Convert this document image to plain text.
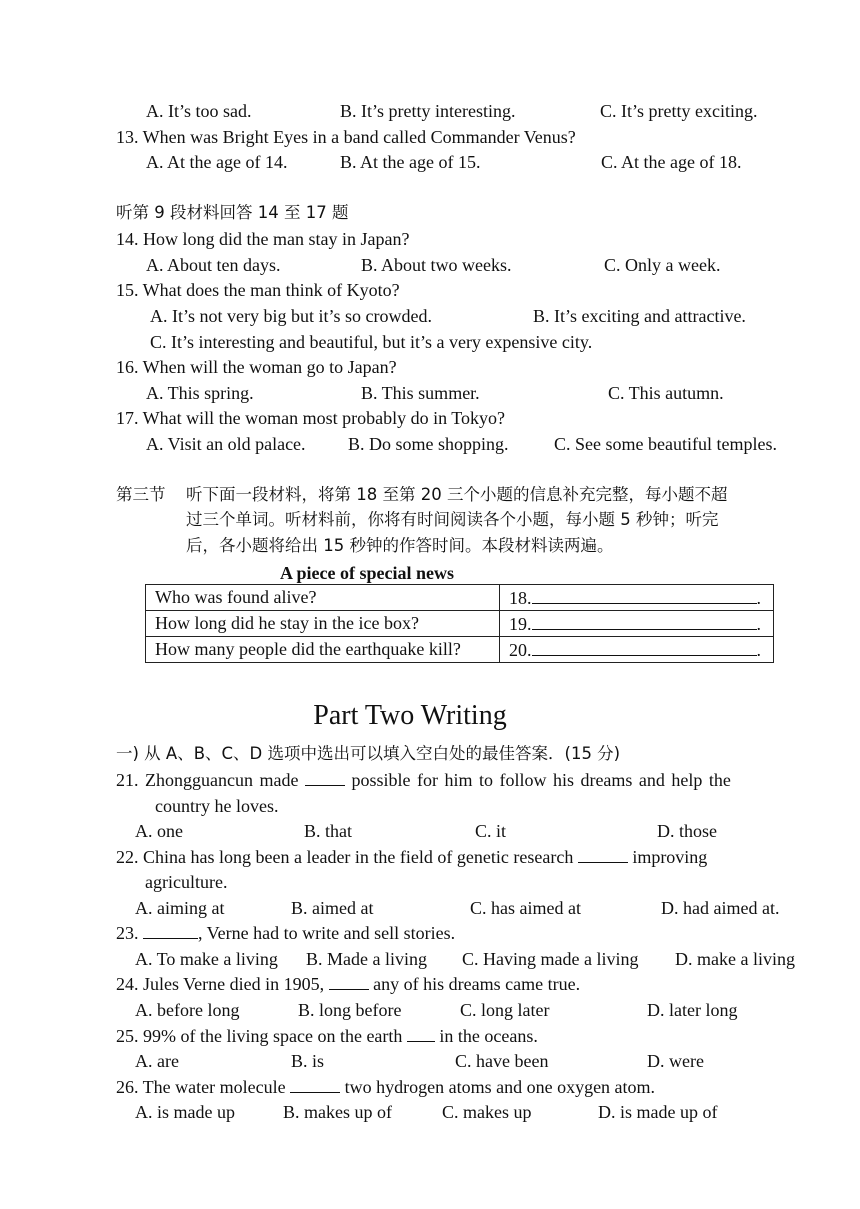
A. It’s too sad.	B. It’s pretty interesting.	C. It’s pretty exciting.
13. When was Bright Eyes in a band called Commander Venus?
A. At the age of 14.	B. At the age of 15.	C. At the age of 18.
听第 9 段材料回答 14 至 17 题
14. How long did the man stay in Japan?
A. About ten days.	B. About two weeks.	C. Only a week.
15. What does the man think of Kyoto?
A. It’s not very big but it’s so crowded.	B. It’s exciting and attractive.
C. It’s interesting and beautiful, but it’s a very expensive city.
16. When will the woman go to Japan?
A. This spring.	B. This summer.	C. This autumn.
17. What will the woman most probably do in Tokyo?
A. Visit an old palace. B. Do some shopping.	C. See some beautiful temples.
第三节 听下面一段材料，将第 18 至第 20 三个小题的信息补充完整，每小题不超
过三个单词。听材料前，你将有时间阅读各个小题，每小题 5 秒钟；听完
后，各小题将给出 15 秒钟的作答时间。本段材料读两遍。
A piece of special news
Who was found alive?	18. .
How long did he stay in the ice box?	19. .
How many people did the earthquake kill?	20. .
Part Two Writing
一) 从 A、B、C、D 选项中选出可以填入空白处的最佳答案．(15 分)
21. Zhongguancun made	possible for him to follow his dreams and help the
country he loves.
A. one	B. that	C. it	D. those
22. China has long been a leader in the field of genetic research	improving
agriculture.
A. aiming at	B. aimed at	C. has aimed at	D. had aimed at.
23.	, Verne had to write and sell stories.
A. To make a living B. Made a living C. Having made a living D. make a living
24. Jules Verne died in 1905,	any of his dreams came true.
A. before long	B. long before	C. long later	D. later long
25. 99% of the living space on the earth in the oceans.
A. are	B. is	C. have been	D. were
26. The water molecule	two hydrogen atoms and one oxygen atom.
A. is made up	B. makes up of	C. makes up	D. is made up of
